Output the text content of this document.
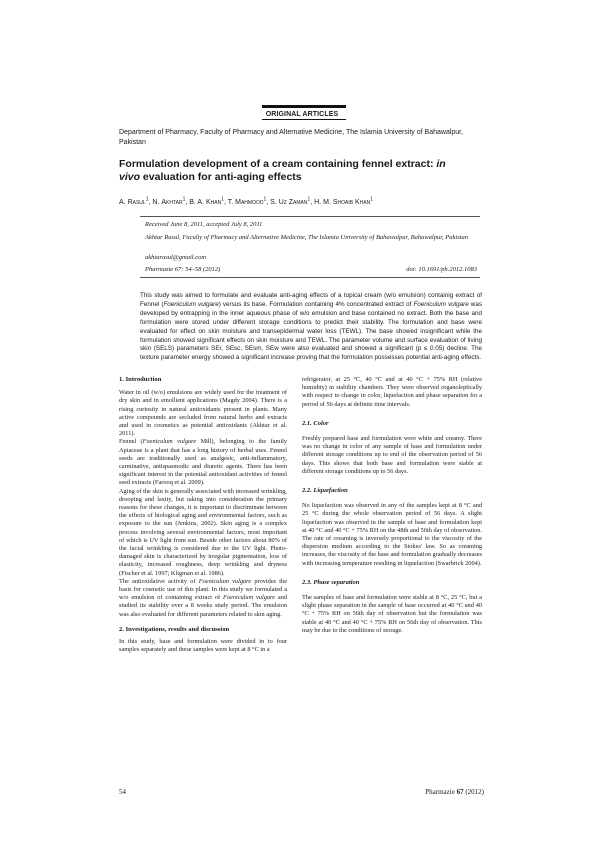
ORIGINAL ARTICLES
Department of Pharmacy, Faculty of Pharmacy and Alternative Medicine, The Islamia University of Bahawalpur, Pakistan
Formulation development of a cream containing fennel extract: in vivo evaluation for anti-aging effects
A. Rasul$^1$, N. Akhtar$^1$, B. A. Khan$^1$, T. Mahmood$^1$, S. Uz Zaman$^1$, H. M. Shoaib Khan$^1$
Received June 8, 2011, accepted July 8, 2011
Akhtar Rasul, Faculty of Pharmacy and Alternative Medicine, The Islamia University of Bahawalpur, Bahawalpur, Pakistan
akhtarasul@gmail.com
Pharmazie 67: 54–58 (2012)	doi: 10.1691/ph.2012.1083
This study was aimed to formulate and evaluate anti-aging effects of a topical cream (w/o emulsion) containig extract of Fennel (Foeniculum vulgare) versus its base. Formulation containing 4% concentrated extract of Foeniculum vulgare was developed by entrapping in the inner aqueous phase of w/o emulsion and base contained no extract. Both the base and formulation were stored under different storage conditions to predict their stability. The formulation and base were evaluated for effect on skin moisture and transepidermal water loss (TEWL). The base showed insignificant while the formulation showed significant effects on skin moisture and TEWL. The parameter volume and surface evaluation of living skin (SELS) parameters SEr, SEsc, SEsm, SEw were also evaluated and showed a significant (p ≤ 0.05) decline. The texture parameter energy showed a significant increase proving that the formulation possesses potential anti-aging effects.
1. Introduction

Water in oil (w/o) emulsions are widely used for the treatment of dry skin and in emollient applications (Magdy 2004). There is a rising curiosity in natural antioxidants present in plants. Many active compounds are secluded from natural herbs and extracts and used in cosmetics as potential antioxidants (Akhtar et al. 2011).

Fennel (Foeniculum vulgare Mill), belonging to the family Apiaceae is a plant that has a long history of herbal uses. Fennel seeds are traditionally used as analgesic, anti-inflammatory, carminative, antispasmodic and diuretic agents. There has been significant interest in the potential antioxidant activities of fennel seed extracts (Farooq et al. 2009).

Aging of the skin is generally associated with increased wrinkling, drooping and laxity, but taking into consideration the primary reasons for these changes, it is important to discriminate between the effects of biological aging and environmental factors, such as exposure to the sun (Jenkins, 2002). Skin aging is a complex process involving several environmental factors, most important of which is UV light from sun. Beside other factors about 80% of the facial wrinkling is considered due to the UV light. Photo-damaged skin is characterized by irregular pigmentation, loss of elasticity, increased roughness, deep wrinkling and dryness (Fischer et al. 1997; Kligman et al. 1986).

The antioxidative activity of Foeniculum vulgare provides the basis for cosmetic use of this plant. In this study we formulated a w/o emulsion of containing extract of Foeniculum vulgare and studied its stability over a 8 weeks study period. The emulsion was also evaluated for different parameters related to skin aging.

2. Investigations, results and discussion

In this study, base and formulation were divided in to four samples separately and these samples were kept at 8 °C in a

refrigerator, at 25 °C, 40 °C and at 40 °C + 75% RH (relative humidity) in stability chambers. They were observed organoleptically with respect to change in color, liquefaction and phase separation for a period of 56 days at definite time intervals.

2.1. Color

Freshly prepared base and formulation were white and creamy. There was no change in color of any sample of base and formulation under different storage conditions up to end of the observation period of 56 days. This shows that both base and formulation were stable at different storage conditions up to 56 days.

2.2. Liquefaction

No liquefaction was observed in any of the samples kept at 8 °C and 25 °C during the whole observation period of 56 days. A slight liquefaction was observed in the sample of base and formulation kept at 40 °C and 40 °C + 75% RH on the 48th and 56th day of observation. The rate of creaming is inversely proportional to the viscosity of the dispersion medium according to the Stokes' law. So as creaming increases, the viscosity of the base and formulation gradually decreases with increasing temperature resulting in liquefaction (Swarbrick 2004).

2.3. Phase separation

The samples of base and formulation were stable at 8 °C, 25 °C, but a slight phase separation in the sample of base occurred at 40 °C and 40 °C + 75% RH on 56th day of observation but the formulation was stable at 40 °C and 40 °C + 75% RH on 56th day of observation. This may be due to the conditions of storage.

54	Pharmazie 67 (2012)
